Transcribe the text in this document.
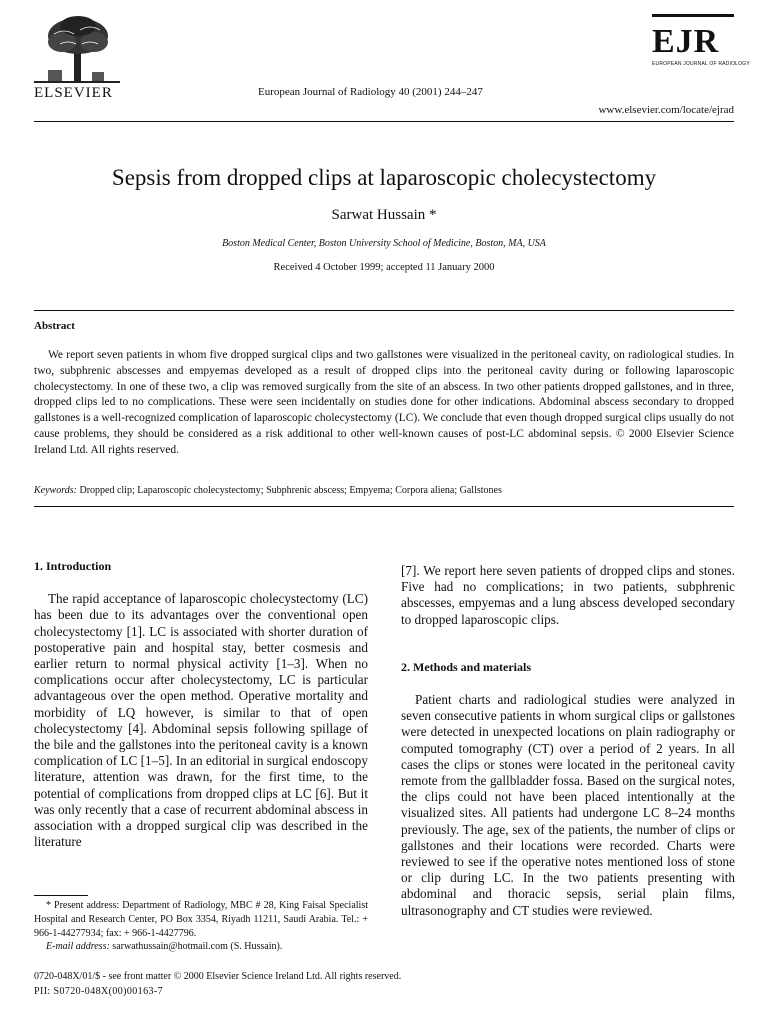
ELSEVIER	European Journal of Radiology 40 (2001) 244–247
EJR
EUROPEAN JOURNAL OF RADIOLOGY
www.elsevier.com/locate/ejrad
Sepsis from dropped clips at laparoscopic cholecystectomy
Sarwat Hussain *
Boston Medical Center, Boston University School of Medicine, Boston, MA, USA
Received 4 October 1999; accepted 11 January 2000
Abstract

We report seven patients in whom five dropped surgical clips and two gallstones were visualized in the peritoneal cavity, on radiological studies. In two, subphrenic abscesses and empyemas developed as a result of dropped clips into the peritoneal cavity during or following laparoscopic cholecystectomy. In one of these two, a clip was removed surgically from the site of an abscess. In two other patients dropped gallstones, and in three, dropped clips led to no complications. These were seen incidentally on studies done for other indications. Abdominal abscess secondary to dropped gallstones is a well-recognized complication of laparoscopic cholecystectomy (LC). We conclude that even though dropped surgical clips usually do not cause problems, they should be considered as a risk additional to other well-known causes of post-LC abdominal sepsis. © 2000 Elsevier Science Ireland Ltd. All rights reserved.

Keywords: Dropped clip; Laparoscopic cholecystectomy; Subphrenic abscess; Empyema; Corpora aliena; Gallstones

1. Introduction

The rapid acceptance of laparoscopic cholecystectomy (LC) has been due to its advantages over the conventional open cholecystectomy [1]. LC is associated with shorter duration of postoperative pain and hospital stay, better cosmesis and earlier return to normal physical activity [1–3]. When no complications occur after cholecystectomy, LC is particular advantageous over the open method. Operative mortality and morbidity of LQ however, is similar to that of open cholecystectomy [4]. Abdominal sepsis following spillage of the bile and the gallstones into the peritoneal cavity is a known complication of LC [1–5]. In an editorial in surgical endoscopy literature, attention was drawn, for the first time, to the potential of complications from dropped clips at LC [6]. But it was only recently that a case of recurrent abdominal abscess in association with a dropped surgical clip was described in the literature

[7]. We report here seven patients of dropped clips and stones. Five had no complications; in two patients, subphrenic abscesses, empyemas and a lung abscess developed secondary to dropped laparoscopic clips.

2. Methods and materials

Patient charts and radiological studies were analyzed in seven consecutive patients in whom surgical clips or gallstones were detected in unexpected locations on plain radiography or computed tomography (CT) over a period of 2 years. In all cases the clips or stones were located in the peritoneal cavity remote from the gallbladder fossa. Based on the surgical notes, the clips could not have been placed intentionally at the visualized sites. All patients had undergone LC 8–24 months previously. The age, sex of the patients, the number of clips or gallstones and their locations were recorded. Charts were reviewed to see if the operative notes mentioned loss of stone or clip during LC. In the two patients presenting with abdominal and thoracic sepsis, serial plain films, ultrasonography and CT studies were reviewed.

* Present address: Department of Radiology, MBC # 28, King Faisal Specialist Hospital and Research Center, PO Box 3354, Riyadh 11211, Saudi Arabia. Tel.: + 966-1-44277934; fax: + 966-1-4427796.

E-mail address: sarwathussain@hotmail.com (S. Hussain).

0720-048X/01/$ - see front matter © 2000 Elsevier Science Ireland Ltd. All rights reserved.
PII: S0720-048X(00)00163-7
